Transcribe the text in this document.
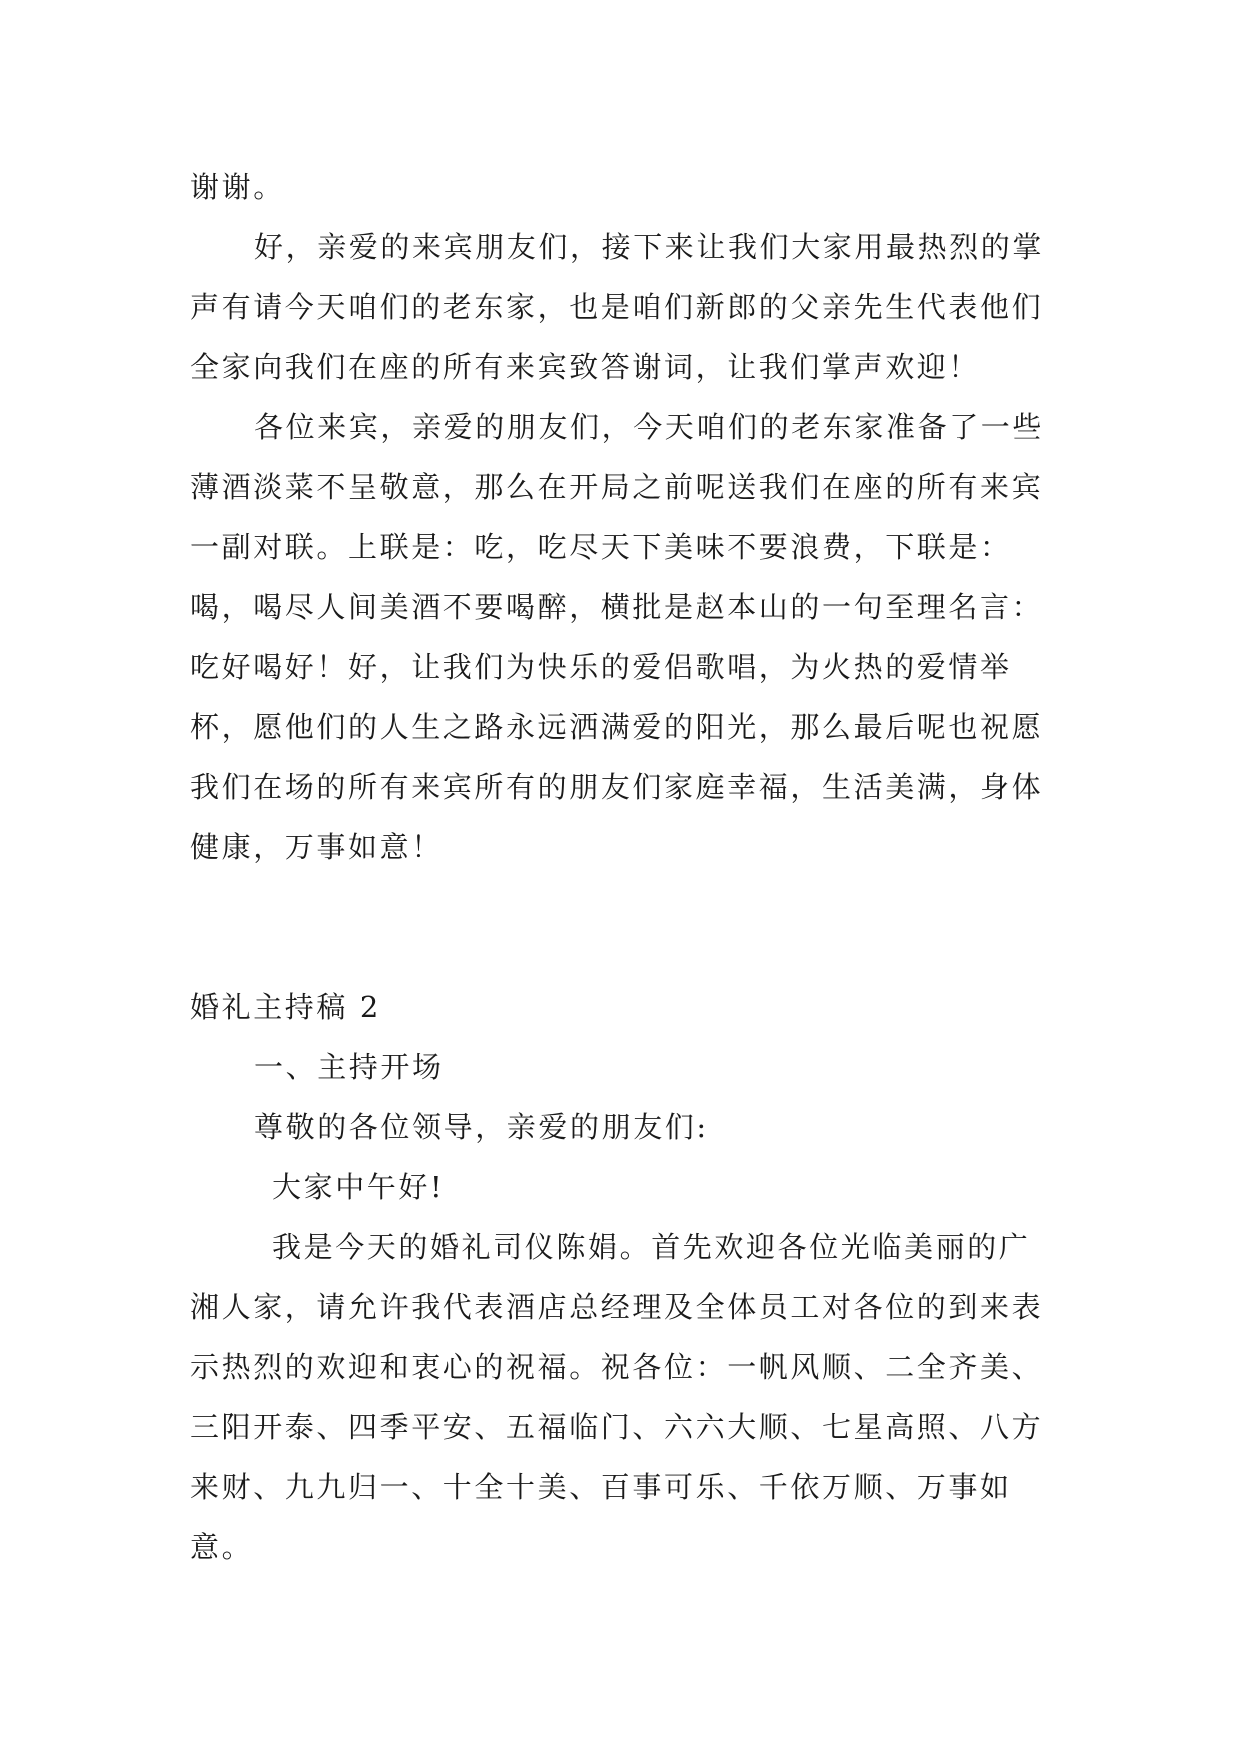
谢谢。

好，亲爱的来宾朋友们，接下来让我们大家用最热烈的掌声有请今天咱们的老东家，也是咱们新郎的父亲先生代表他们全家向我们在座的所有来宾致答谢词，让我们掌声欢迎！

各位来宾，亲爱的朋友们，今天咱们的老东家准备了一些薄酒淡菜不呈敬意，那么在开局之前呢送我们在座的所有来宾一副对联。上联是：吃，吃尽天下美味不要浪费，下联是：喝，喝尽人间美酒不要喝醉，横批是赵本山的一句至理名言：吃好喝好！好，让我们为快乐的爱侣歌唱，为火热的爱情举杯，愿他们的人生之路永远洒满爱的阳光，那么最后呢也祝愿我们在场的所有来宾所有的朋友们家庭幸福，生活美满，身体健康，万事如意！

婚礼主持稿 2

一、主持开场

尊敬的各位领导，亲爱的朋友们:

大家中午好!

我是今天的婚礼司仪陈娟。首先欢迎各位光临美丽的广湘人家，请允许我代表酒店总经理及全体员工对各位的到来表示热烈的欢迎和衷心的祝福。祝各位：一帆风顺、二全齐美、三阳开泰、四季平安、五福临门、六六大顺、七星高照、八方来财、九九归一、十全十美、百事可乐、千依万顺、万事如意。
